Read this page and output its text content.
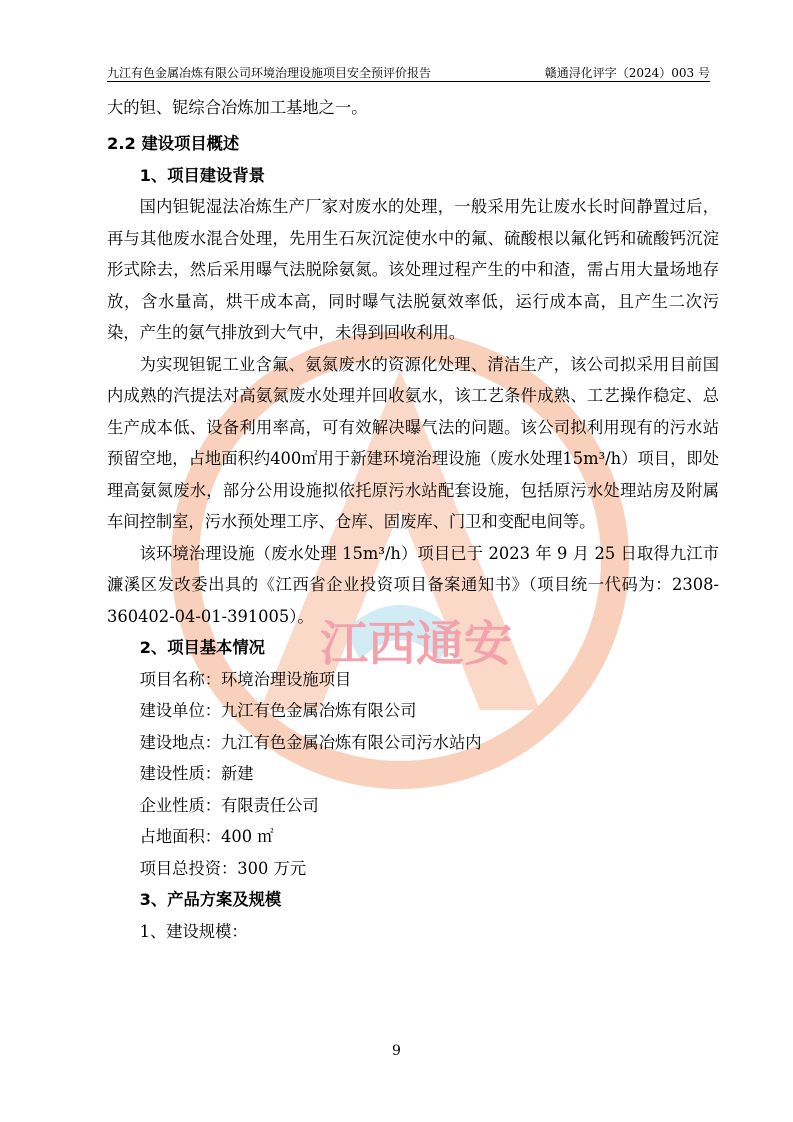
九江有色金属冶炼有限公司环境治理设施项目安全预评价报告	赣通浔化评字（2024）003 号
江西通安
大的钽、铌综合冶炼加工基地之一。
2.2 建设项目概述
1、项目建设背景
国内钽铌湿法冶炼生产厂家对废水的处理，一般采用先让废水长时间静置过后，再与其他废水混合处理，先用生石灰沉淀使水中的氟、硫酸根以氟化钙和硫酸钙沉淀形式除去，然后采用曝气法脱除氨氮。该处理过程产生的中和渣，需占用大量场地存放，含水量高，烘干成本高，同时曝气法脱氨效率低，运行成本高，且产生二次污染，产生的氨气排放到大气中，未得到回收利用。
为实现钽铌工业含氟、氨氮废水的资源化处理、清洁生产，该公司拟采用目前国内成熟的汽提法对高氨氮废水处理并回收氨水，该工艺条件成熟、工艺操作稳定、总生产成本低、设备利用率高，可有效解决曝气法的问题。该公司拟利用现有的污水站预留空地，占地面积约400㎡用于新建环境治理设施（废水处理15m³/h）项目，即处理高氨氮废水，部分公用设施拟依托原污水站配套设施，包括原污水处理站房及附属车间控制室，污水预处理工序、仓库、固废库、门卫和变配电间等。
该环境治理设施（废水处理 15m³/h）项目已于 2023 年 9 月 25 日取得九江市濂溪区发改委出具的《江西省企业投资项目备案通知书》（项目统一代码为：2308-360402-04-01-391005）。
2、项目基本情况
项目名称：环境治理设施项目
建设单位：九江有色金属冶炼有限公司
建设地点：九江有色金属冶炼有限公司污水站内
建设性质：新建
企业性质：有限责任公司
占地面积：400 ㎡
项目总投资：300 万元
3、产品方案及规模
1、建设规模：
9
